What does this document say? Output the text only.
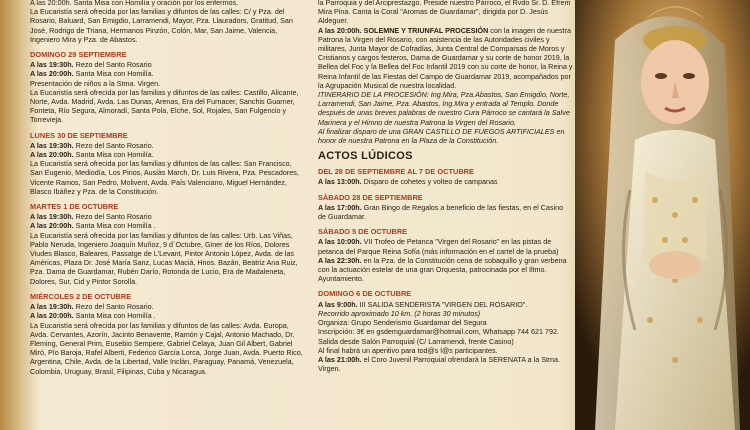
A las 20:00h. Santa Misa con Homilía y oración por los enfermos.

La Eucaristía será ofrecida por las familias y difuntos de las calles: C/ y Pza. del Rosario, Baluard, San Emigdio, Larramendi, Mayor, Pza. Llauradors, Gratitud, San José, Rodrigo de Triana, Hermanos Pinzón, Colón, Mar, San Jaime, Valencia, Ingeniero Mira y Pza. de Abastos.

DOMINGO 29 SEPTIEMBRE

A las 19:30h. Rezo del Santo Rosario

A las 20:00h. Santa Misa con Homilía.

Presentación de niños a la Stma. Virgen.

La Eucaristía será ofrecida por las familias y difuntos de las calles: Castillo, Alicante, Norte, Avda. Madrid, Avda. Las Dunas, Arenas, Era del Furnacer, Sanchis Guarner, Fonteta, Río Segura, Almoradí, Santa Pola, Elche, Sol, Rojales, San Fulgencio y Torrevieja.

LUNES 30 DE SEPTIEMBRE

A las 19:30h. Rezo del Santo Rosario.

A las 20:00h. Santa Misa con Homilía.

La Eucaristía será ofrecida por las familias y difuntos de las calles: San Francisco, San Eugenio, Mediodía, Los Pinos, Ausiàs March, Dr. Luis Rivera, Pza. Pescadores, Vicente Ramos, San Pedro, Molivent, Avda. País Valenciano, Miguel Hernández, Blasco Ibáñez y Pza. de la Constitución.

MARTES 1 DE OCTUBRE

A las 19:30h. Rezo del Santo Rosario

A las 20:00h. Santa Misa con Homilía .

La Eucaristía será ofrecida por las familias y difuntos de las calles: Urb. Las Viñas, Pablo Neruda, Ingeniero Joaquín Muñoz, 9 d´Octubre, Giner de los Ríos, Dolores Viudes Blasco, Baleares, Passatge de L'Levant, Pintor Antonio López, Avda. de las Américas, Plaza Dr. José María Sanz, Lucas Maciá, Hnos. Bazán, Beatriz Ana Ruiz, Pza. Dama de Guardamar, Rubén Darío, Rotonda de Lucio, Era de Madaleneta, Dolores, Sur, Cid y Pintor Sorolla.

MIÉRCOLES 2 DE OCTUBRE

A las 19:30h. Rezo del Santo Rosario.

A las 20:00h. Santa Misa con Homilía .

La Eucaristía será ofrecida por las familias y difuntos de las calles: Avda. Europa, Avda. Cervantes, Azorín, Jacinto Benavente, Ramón y Cajal, Antonio Machado, Dr. Fleming, General Prim, Eusebio Sempere, Gabriel Celaya, Juan Gil Albert, Gabriel Miró, Pío Baroja, Rafel Alberti, Federico García Lorca, Jorge Juan, Avda. Puerto Rico, Argentina, Chile, Avda. de la Libertad, Valle Inclán, Paraguay, Panamá, Venezuela, Colombia, Uruguay, Brasil, Filipinas, Cuba y Nicaragua.

la Parroquia y del Arciprestazgo. Preside nuestro Párroco, el Rvdo Sr. D. Efrem Mira Pina. Canta la Coral "Aromas de Guardamar", dirigida por D. Jesús Aldeguer.

A las 20:00h. SOLEMNE Y TRIUNFAL PROCESIÓN con la imagen de nuestra Patrona la Virgen del Rosario, con asistencia de las Autoridades civiles y militares, Junta Mayor de Cofradías, Junta Central de Comparsas de Moros y Cristianos y cargos festeros, Dama de Guardamar y su corte de honor 2019, la Bellea del Foc y la Bellea del Foc Infantil 2019 con su corte de honor, la Reina y Reina Infantil de las Fiestas del Campo de Guardamar 2019, acompañados por la Agrupación Musical de nuestra localidad.

ITINERARIO DE LA PROCESIÓN: Ing.Mira, Pza.Abastos, San Emigdio, Norte, Larramendi, San Jaime, Pza. Abastos, Ing.Mira y entrada al Templo. Donde después de unas breves palabras de nuestro Cura Párroco se cantará la Salve Marinera y el Himno de nuestra Patrona la Virgen del Rosario.

Al finalizar disparo de una GRAN CASTILLO DE FUEGOS ARTIFICIALES en honor de nuestra Patrona en la Plaza de la Constitución.

ACTOS LÚDICOS
DEL 28 DE SEPTIEMBRE AL 7 DE OCTUBRE

A las 13:00h. Disparo de cohetes y volteo de campanas

SÁBADO 28 DE SEPTIEMBRE

A las 17:00h. Gran Bingo de Regalos a beneficio de las fiestas, en el Casino de Guardamar.

SÁBADO 5 DE OCTUBRE

A las 10:00h. VII Trofeo de Petanca "Virgen del Rosario" en las pistas de petanca del Parque Reina Sofía (más información en el cartel de la prueba)

A las 22:30h. en la Pza. de la Constitución cena de sobaquillo y gran verbena con la actuación estelar de una gran Orquesta, patrocinada por el Iltmo. Ayuntamiento.

DOMINGO 6 DE OCTUBRE

A las 9:00h. III SALIDA SENDERISTA "VIRGEN DEL ROSARIO".

Recorrido aproximado 10 km. (2 horas 30 minutos)

Organiza: Grupo Senderismo Guardamar del Segura

Inscripción: 3€ en gsdemguardamar@hotmail.com, Whatsapp 744 621 792.

Salida desde Salón Parroquial (C/ Larramendi, frente Casino)

Al final habrá un aperitivo para tod@s l@s participantes.

A las 21:00h. el Coro Juvenil Parroquial ofrendará la SERENATA a la Stma. Virgen.
